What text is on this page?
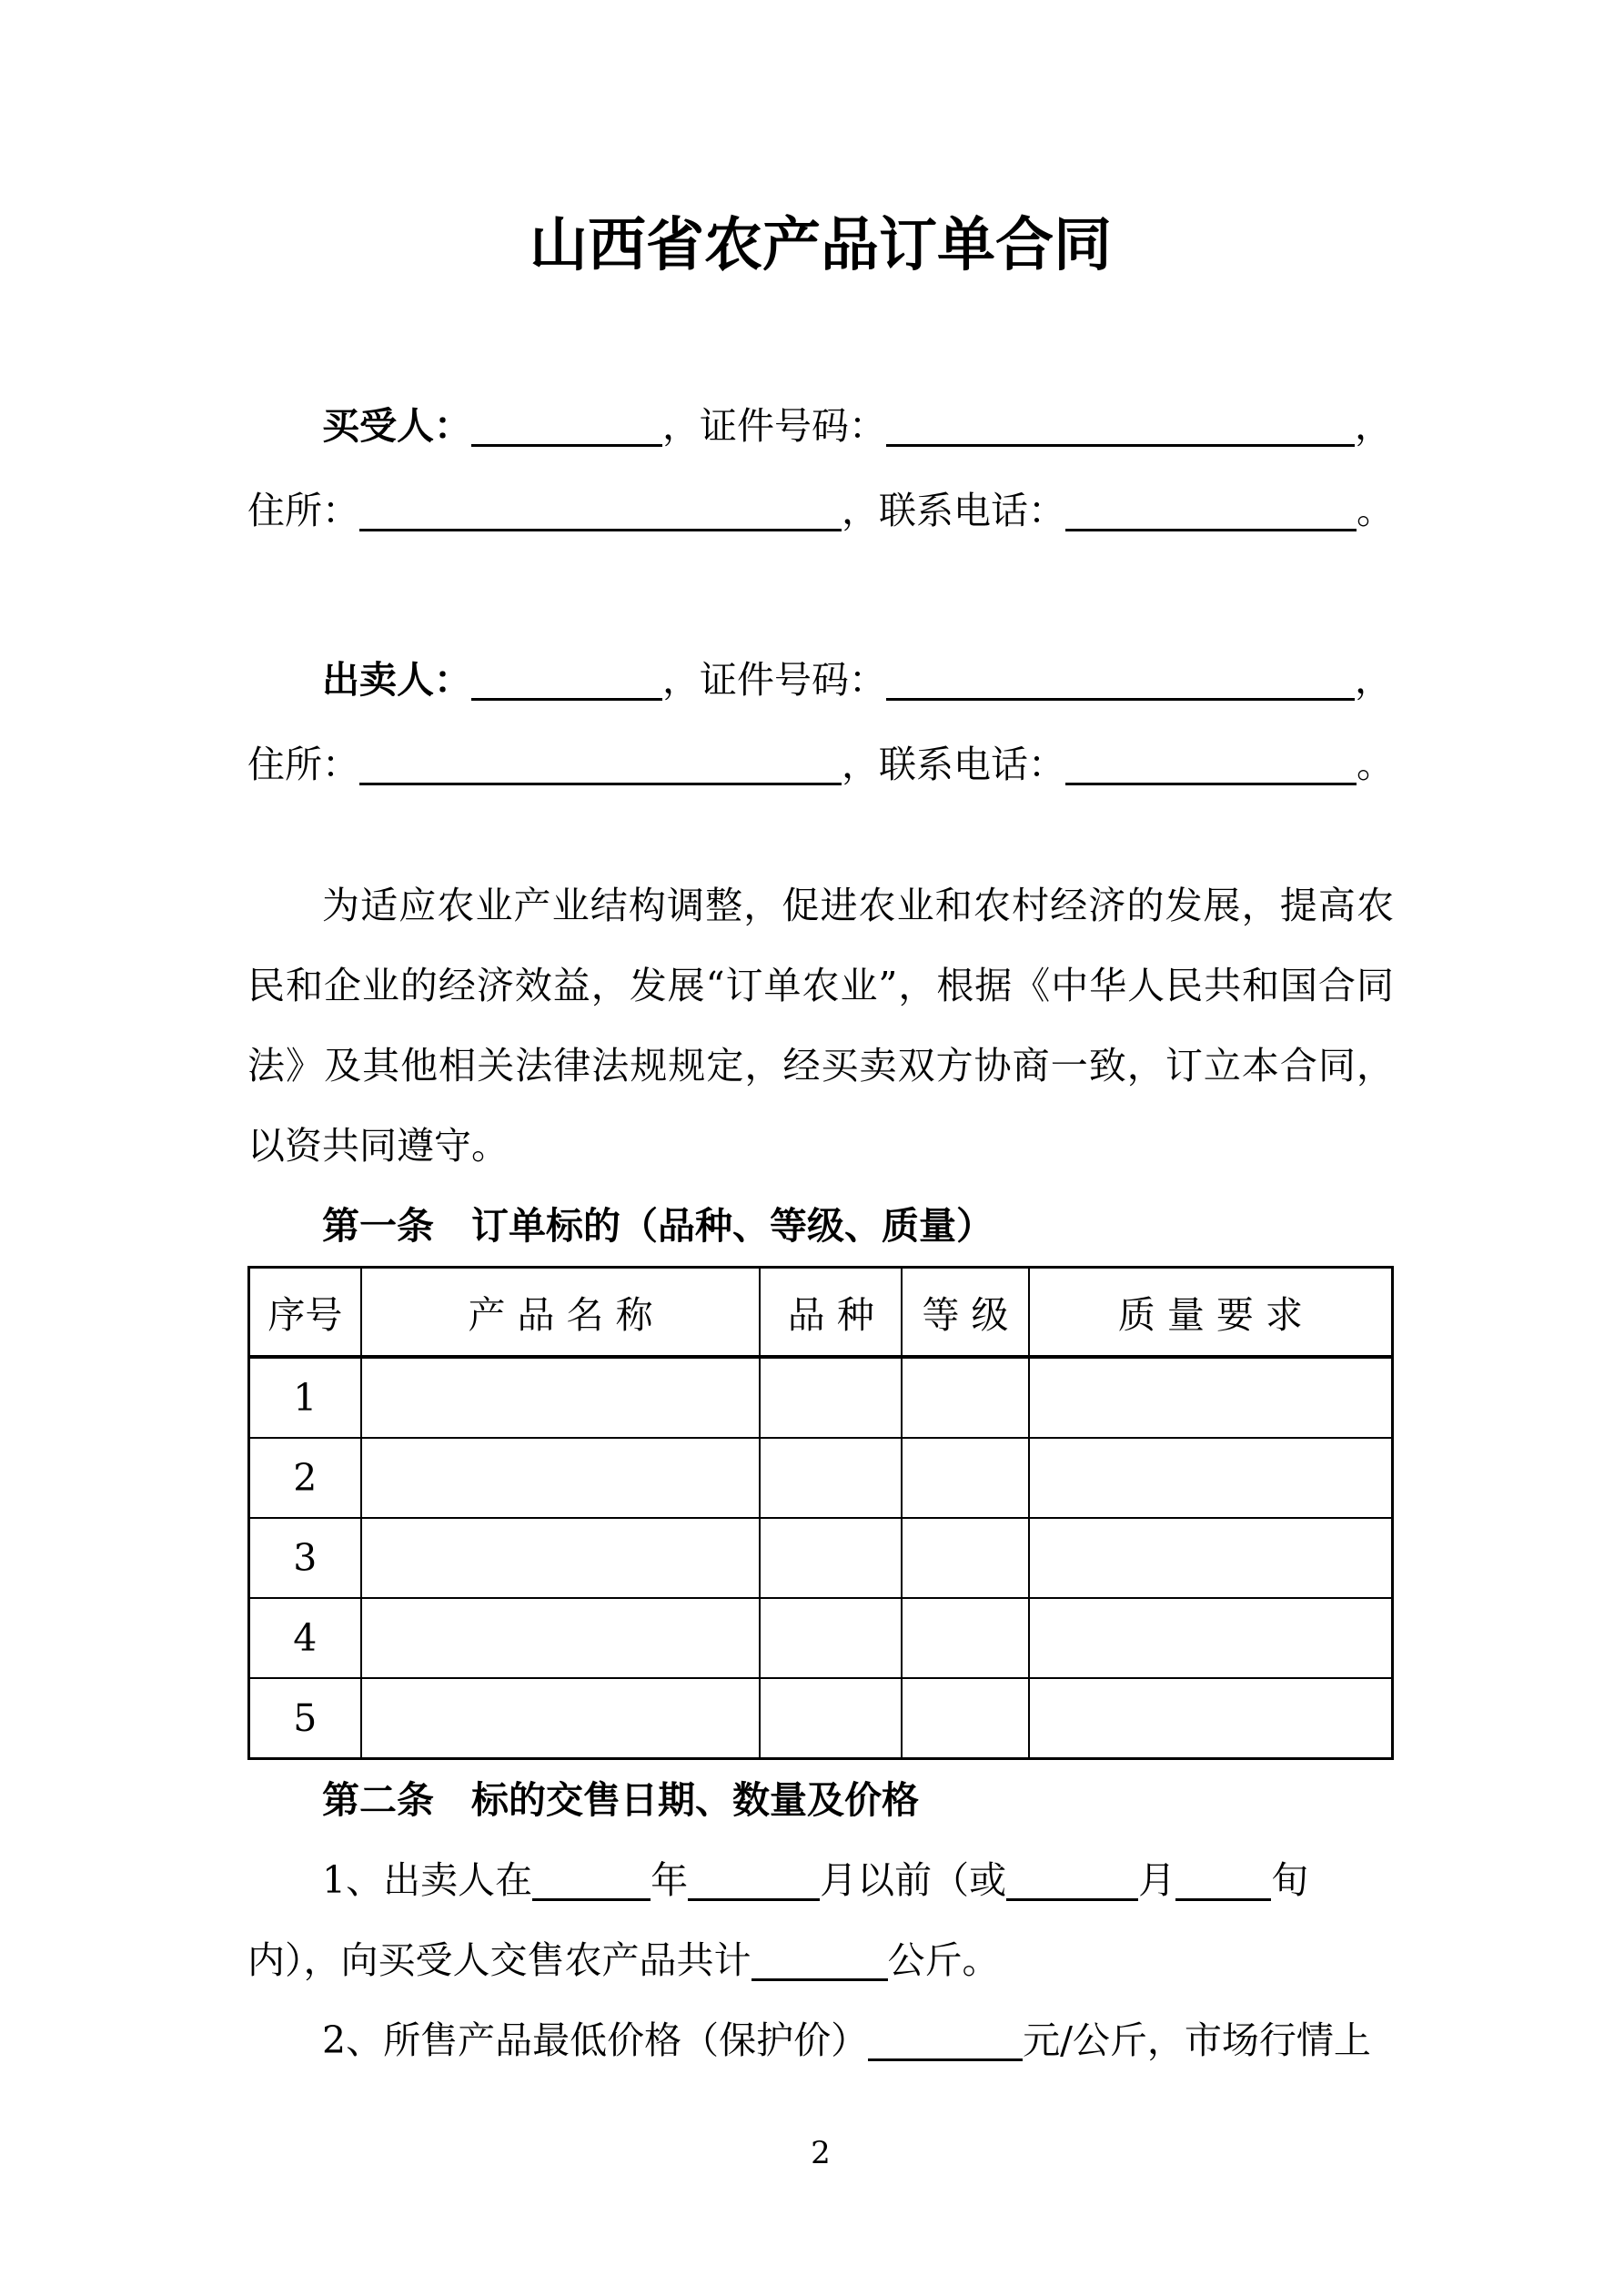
山西省农产品订单合同
买受人：	，证件号码：	，
住所：	，联系电话：	。
出卖人：	，证件号码：	，
住所：	，联系电话：	。

为适应农业产业结构调整，促进农业和农村经济的发展，提高农民和企业的经济效益，发展“订单农业”，根据《中华人民共和国合同法》及其他相关法律法规规定，经买卖双方协商一致，订立本合同，以资共同遵守。

第一条　订单标的（品种、等级、质量）
序号	产 品 名 称	品 种	等 级	质 量 要 求
1				
2				
3				
4				
5				
第二条　标的交售日期、数量及价格
1、出卖人在	年	月以前（或	月	旬
内），向买受人交售农产品共计	公斤。
2、所售产品最低价格（保护价）	元/公斤，市场行情上
2
